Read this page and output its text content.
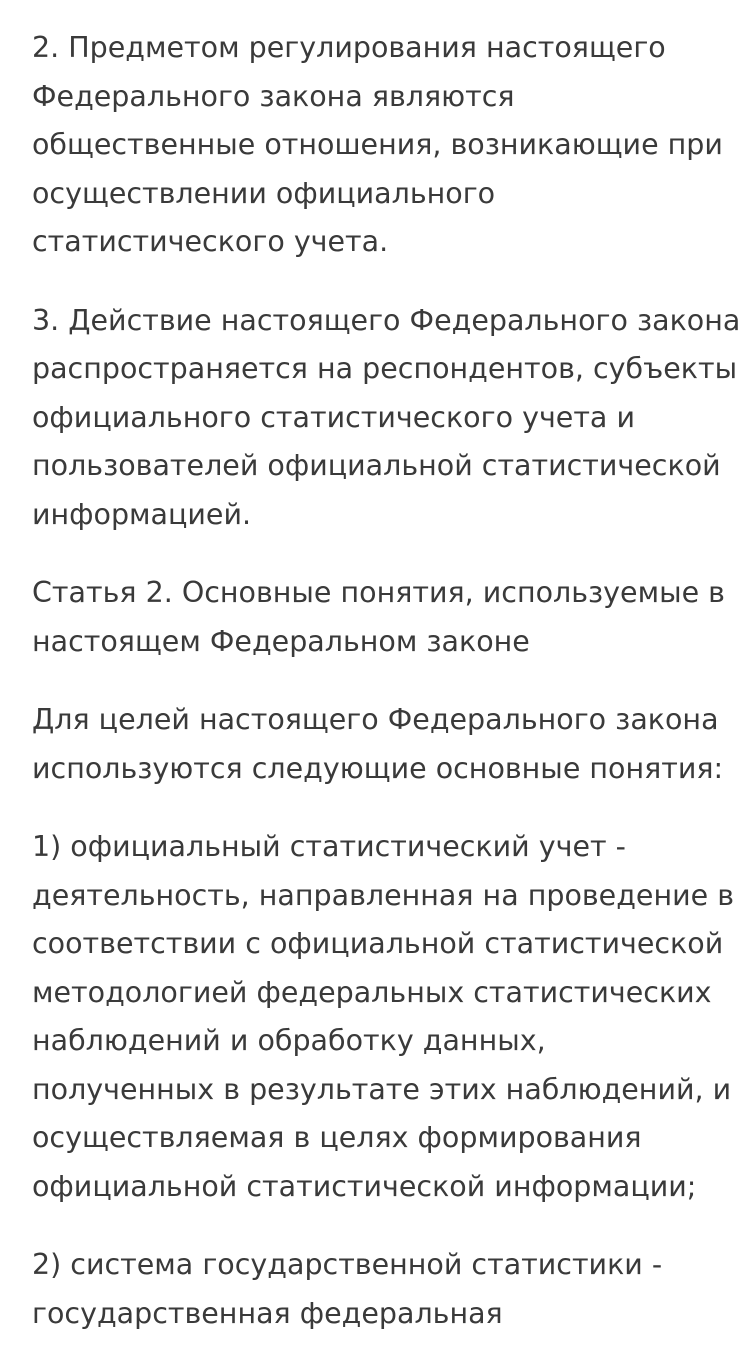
2. Предметом регулирования настоящего
Федерального закона являются
общественные отношения, возникающие при
осуществлении официального
статистического учета.

3. Действие настоящего Федерального закона
распространяется на респондентов, субъекты
официального статистического учета и
пользователей официальной статистической
информацией.

Статья 2. Основные понятия, используемые в
настоящем Федеральном законе

Для целей настоящего Федерального закона
используются следующие основные понятия:

1) официальный статистический учет -
деятельность, направленная на проведение в
соответствии с официальной статистической
методологией федеральных статистических
наблюдений и обработку данных,
полученных в результате этих наблюдений, и
осуществляемая в целях формирования
официальной статистической информации;

2) система государственной статистики -
государственная федеральная
